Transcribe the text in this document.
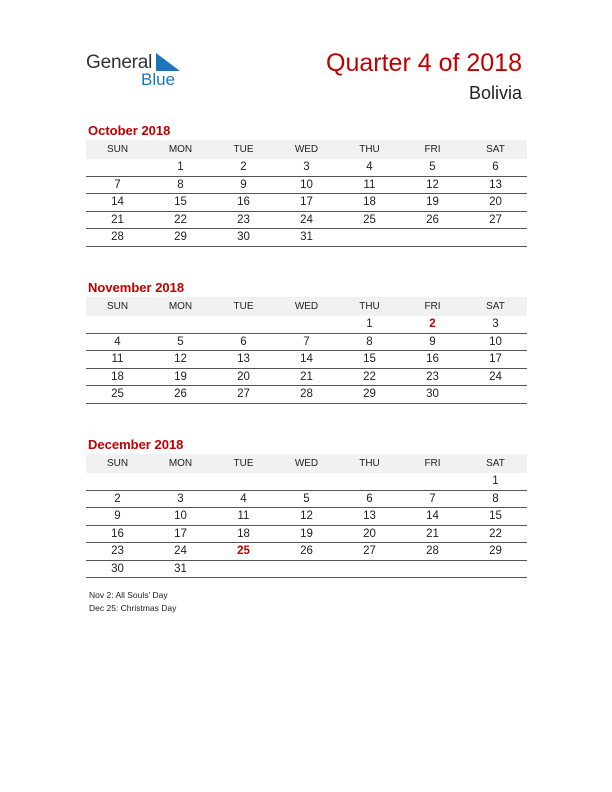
General
Blue
Quarter 4 of 2018
Bolivia
October 2018
SUN	MON	TUE	WED	THU	FRI	SAT
	1	2	3	4	5	6
7	8	9	10	11	12	13
14	15	16	17	18	19	20
21	22	23	24	25	26	27
28	29	30	31			
November 2018
SUN	MON	TUE	WED	THU	FRI	SAT
				1	2	3
4	5	6	7	8	9	10
11	12	13	14	15	16	17
18	19	20	21	22	23	24
25	26	27	28	29	30	
December 2018
SUN	MON	TUE	WED	THU	FRI	SAT
						1
2	3	4	5	6	7	8
9	10	11	12	13	14	15
16	17	18	19	20	21	22
23	24	25	26	27	28	29
30	31					
Nov 2: All Souls’ Day
Dec 25: Christmas Day
